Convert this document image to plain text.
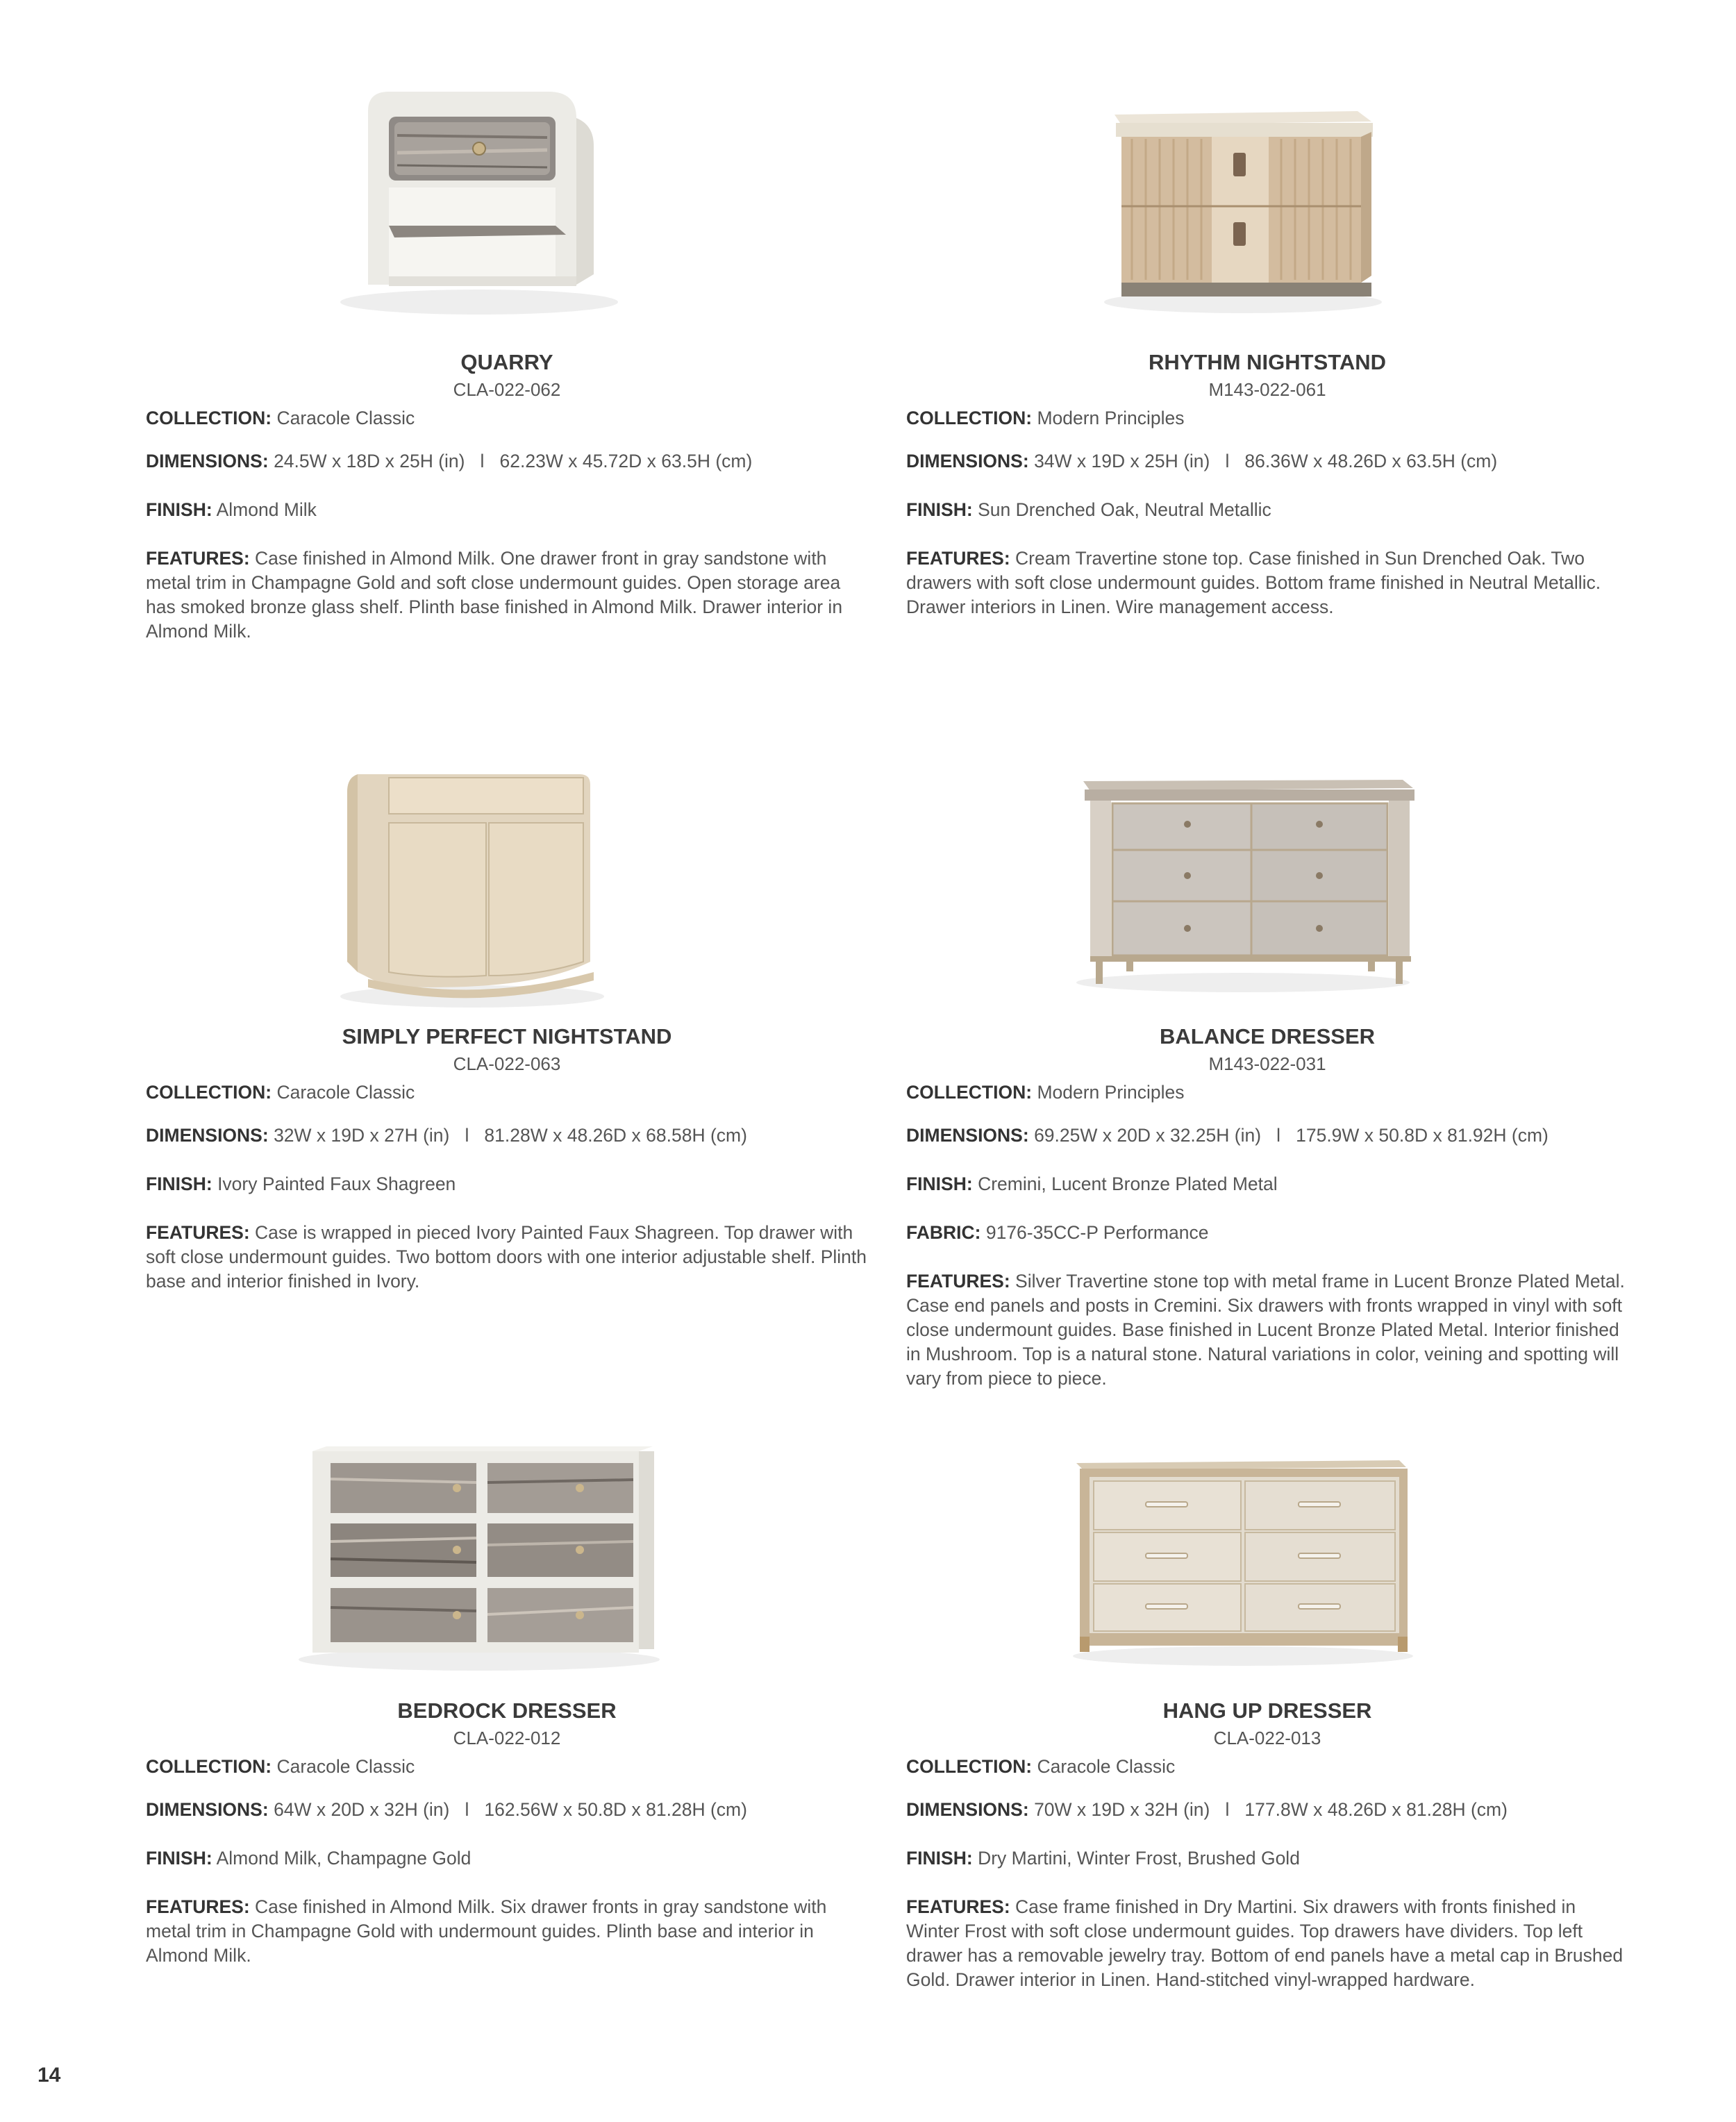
QUARRY
CLA-022-062
COLLECTION: Caracole Classic
DIMENSIONS: 24.5W x 18D x 25H (in)   l   62.23W x 45.72D x 63.5H (cm)
FINISH: Almond Milk
FEATURES: Case finished in Almond Milk. One drawer front in gray sandstone with metal trim in Champagne Gold and soft close undermount guides. Open storage area has smoked bronze glass shelf. Plinth base finished in Almond Milk. Drawer interior in Almond Milk.
RHYTHM NIGHTSTAND
M143-022-061
COLLECTION: Modern Principles
DIMENSIONS: 34W x 19D x 25H (in)   l   86.36W x 48.26D x 63.5H (cm)
FINISH: Sun Drenched Oak, Neutral Metallic
FEATURES: Cream Travertine stone top. Case finished in Sun Drenched Oak. Two drawers with soft close undermount guides. Bottom frame finished in Neutral Metallic. Drawer interiors in Linen. Wire management access.
SIMPLY PERFECT NIGHTSTAND
CLA-022-063
COLLECTION: Caracole Classic
DIMENSIONS: 32W x 19D x 27H (in)   l   81.28W x 48.26D x 68.58H (cm)
FINISH: Ivory Painted Faux Shagreen
FEATURES: Case is wrapped in pieced Ivory Painted Faux Shagreen. Top drawer with soft close undermount guides. Two bottom doors with one interior adjustable shelf. Plinth base and interior finished in Ivory.
BALANCE DRESSER
M143-022-031
COLLECTION: Modern Principles
DIMENSIONS: 69.25W x 20D x 32.25H (in)   l   175.9W x 50.8D x 81.92H (cm)
FINISH: Cremini, Lucent Bronze Plated Metal
FABRIC: 9176-35CC-P Performance
FEATURES: Silver Travertine stone top with metal frame in Lucent Bronze Plated Metal. Case end panels and posts in Cremini. Six drawers with fronts wrapped in vinyl with soft close undermount guides. Base finished in Lucent Bronze Plated Metal. Interior finished in Mushroom. Top is a natural stone. Natural variations in color, veining and spotting will vary from piece to piece.
BEDROCK DRESSER
CLA-022-012
COLLECTION: Caracole Classic
DIMENSIONS: 64W x 20D x 32H (in)   l   162.56W x 50.8D x 81.28H (cm)
FINISH: Almond Milk, Champagne Gold
FEATURES: Case finished in Almond Milk. Six drawer fronts in gray sandstone with metal trim in Champagne Gold with undermount guides. Plinth base and interior in Almond Milk.
HANG UP DRESSER
CLA-022-013
COLLECTION: Caracole Classic
DIMENSIONS: 70W x 19D x 32H (in)   l   177.8W x 48.26D x 81.28H (cm)
FINISH: Dry Martini, Winter Frost, Brushed Gold
FEATURES: Case frame finished in Dry Martini. Six drawers with fronts finished in Winter Frost with soft close undermount guides. Top drawers have dividers. Top left drawer has a removable jewelry tray. Bottom of end panels have a metal cap in Brushed Gold. Drawer interior in Linen. Hand-stitched vinyl-wrapped hardware.
14
